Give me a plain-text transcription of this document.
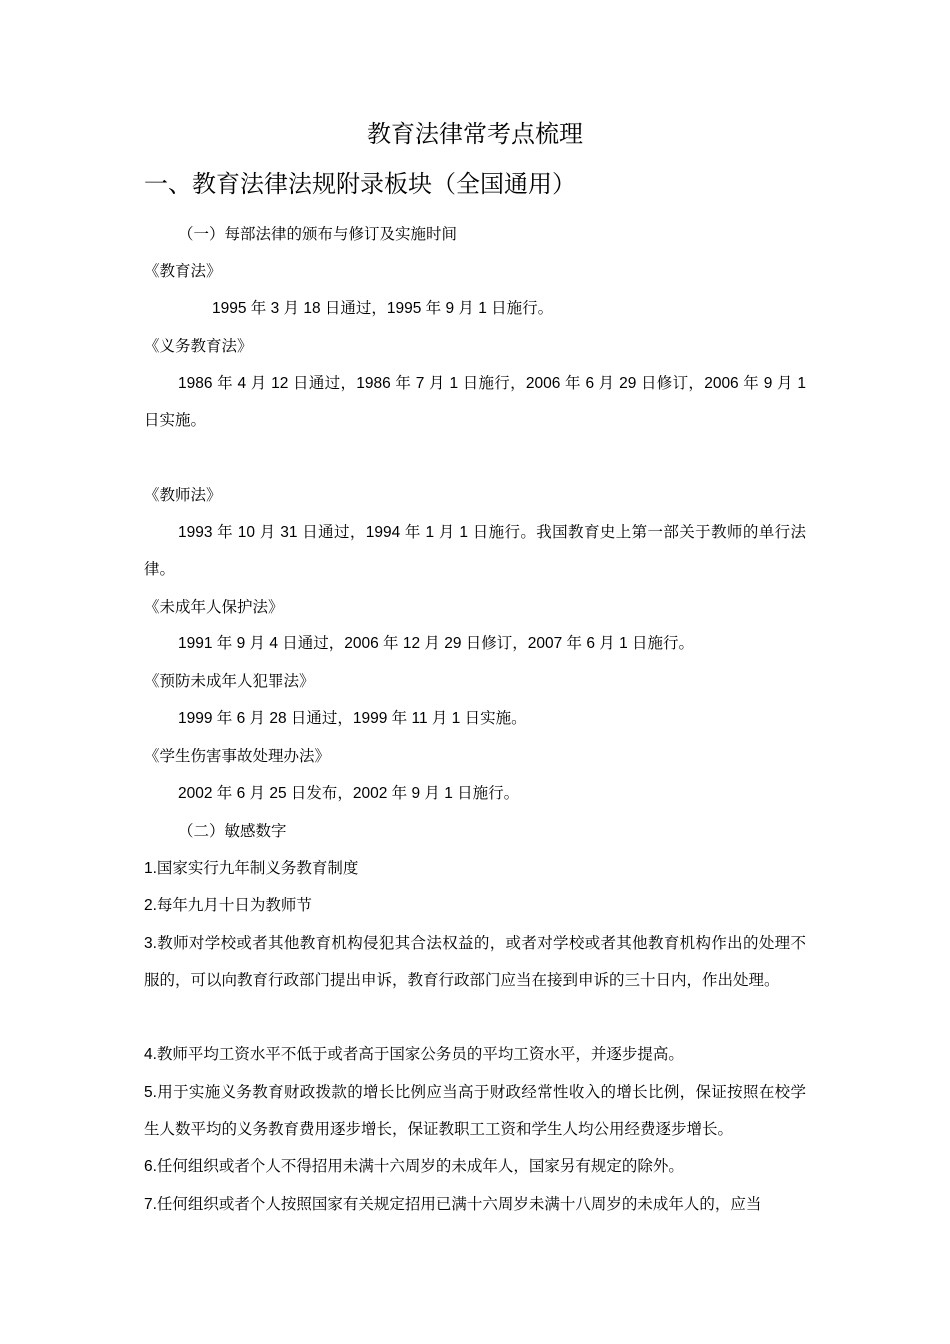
教育法律常考点梳理
一、教育法律法规附录板块（全国通用）
（一）每部法律的颁布与修订及实施时间
《教育法》
1995 年 3 月 18 日通过，1995 年 9 月 1 日施行。
《义务教育法》
1986 年 4 月 12 日通过，1986 年 7 月 1 日施行，2006 年 6 月 29 日修订，2006 年 9 月 1 日实施。
《教师法》
1993 年 10 月 31 日通过，1994 年 1 月 1 日施行。我国教育史上第一部关于教师的单行法律。
《未成年人保护法》
1991 年 9 月 4 日通过，2006 年 12 月 29 日修订，2007 年 6 月 1 日施行。
《预防未成年人犯罪法》
1999 年 6 月 28 日通过，1999 年 11 月 1 日实施。
《学生伤害事故处理办法》
2002 年 6 月 25 日发布，2002 年 9 月 1 日施行。
（二）敏感数字
1.国家实行九年制义务教育制度
2.每年九月十日为教师节
3.教师对学校或者其他教育机构侵犯其合法权益的，或者对学校或者其他教育机构作出的处理不服的，可以向教育行政部门提出申诉，教育行政部门应当在接到申诉的三十日内，作出处理。
4.教师平均工资水平不低于或者高于国家公务员的平均工资水平，并逐步提高。
5.用于实施义务教育财政拨款的增长比例应当高于财政经常性收入的增长比例，保证按照在校学生人数平均的义务教育费用逐步增长，保证教职工工资和学生人均公用经费逐步增长。
6.任何组织或者个人不得招用未满十六周岁的未成年人，国家另有规定的除外。
7.任何组织或者个人按照国家有关规定招用已满十六周岁未满十八周岁的未成年人的，应当
